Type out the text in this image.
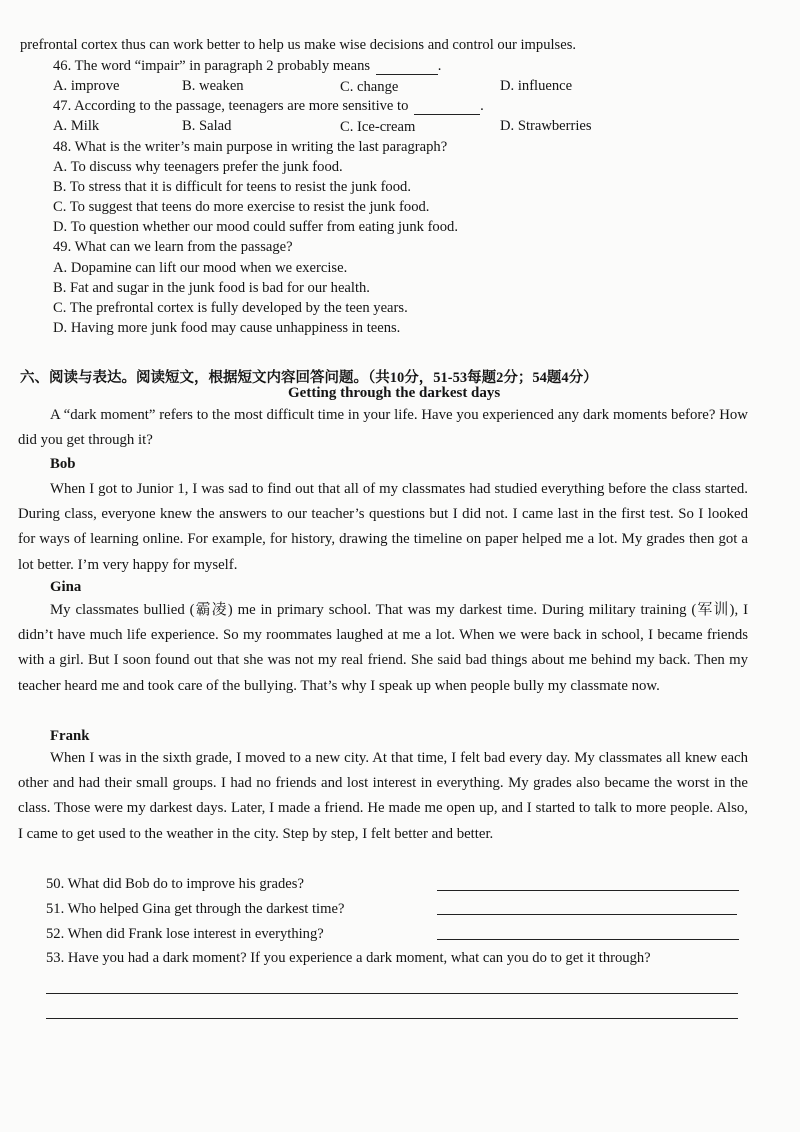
prefrontal cortex thus can work better to help us make wise decisions and control our impulses.
46. The word “impair” in paragraph 2 probably means	.
A. improve	B. weaken	C. change	D. influence
47. According to the passage, teenagers are more sensitive to	.
A. Milk	B. Salad	C. Ice-cream	D. Strawberries
48. What is the writer’s main purpose in writing the last paragraph?
A. To discuss why teenagers prefer the junk food.
B. To stress that it is difficult for teens to resist the junk food.
C. To suggest that teens do more exercise to resist the junk food.
D. To question whether our mood could suffer from eating junk food.
49. What can we learn from the passage?
A. Dopamine can lift our mood when we exercise.
B. Fat and sugar in the junk food is bad for our health.
C. The prefrontal cortex is fully developed by the teen years.
D. Having more junk food may cause unhappiness in teens.
六、阅读与表达。阅读短文，根据短文内容回答问题。（共10分，51-53每题2分；54题4分）
Getting through the darkest days
A “dark moment” refers to the most difficult time in your life. Have you experienced any dark moments before? How did you get through it?
Bob
When I got to Junior 1, I was sad to find out that all of my classmates had studied everything before the class started. During class, everyone knew the answers to our teacher’s questions but I did not. I came last in the first test. So I looked for ways of learning online. For example, for history, drawing the timeline on paper helped me a lot. My grades then got a lot better. I’m very happy for myself.
Gina
My classmates bullied (霸凌) me in primary school. That was my darkest time. During military training (军训), I didn’t have much life experience. So my roommates laughed at me a lot. When we were back in school, I became friends with a girl. But I soon found out that she was not my real friend. She said bad things about me behind my back. Then my teacher heard me and took care of the bullying. That’s why I speak up when people bully my classmate now.
Frank
When I was in the sixth grade, I moved to a new city. At that time, I felt bad every day. My classmates all knew each other and had their small groups. I had no friends and lost interest in everything. My grades also became the worst in the class. Those were my darkest days. Later, I made a friend. He made me open up, and I started to talk to more people. Also, I came to get used to the weather in the city. Step by step, I felt better and better.
50. What did Bob do to improve his grades?
51. Who helped Gina get through the darkest time?
52. When did Frank lose interest in everything?
53. Have you had a dark moment? If you experience a dark moment, what can you do to get it through?
